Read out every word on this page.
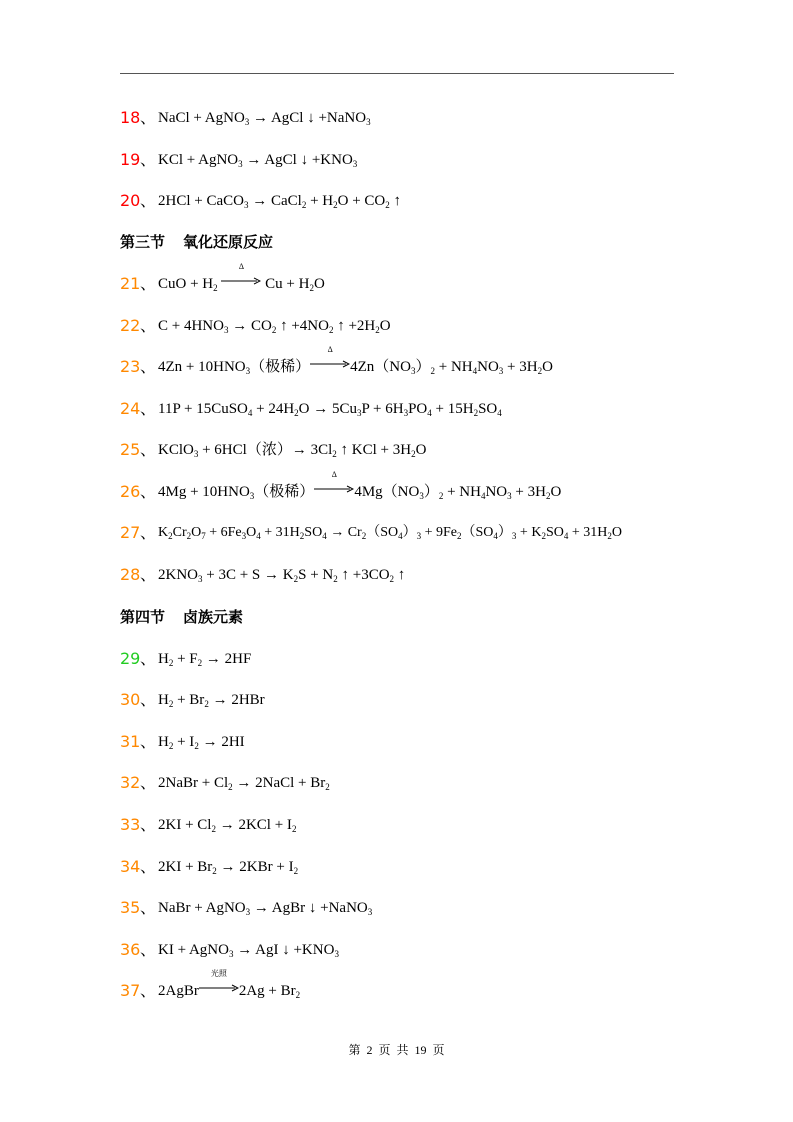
18 、 NaCl + AgNO$_3$ → AgCl ↓ +NaNO$_3$
19 、 KCl + AgNO$_3$ → AgCl ↓ $+KNO_3$
20 、 2HCl + CaCO$_3$ → CaCl$_2$ + $H_2O + CO_2$ ↑
第三节 氧化还原反应
21 、 CuO + $H_2$
Δ
$Cu + H_2O$
22 、 $C + 4HNO_3 \to CO_2$ ↑ $+4NO_2$ ↑ $+2H_2O$
23 、 $4Zn + 10HNO_3$（极稀）
Δ
$4Zn(NO_3)_2 + NH_4NO_3 + 3H_2O$
24 、 11P + 15CuSO$_4$ + $24H_2O \to 5Cu_3P + 6H_3PO_4 + 15H_2SO_4$
25 、 KClO$_3$ + 6HCl（浓）→ $3Cl_2$ ↑ KCl + $3H_2O$
26 、 $4Mg + 10HNO_3$（极稀）
Δ
$4Mg(NO_3)_2 + NH_4NO_3 + 3H_2O$
27 、 $K_2Cr_2O_7 + 6Fe_3O_4 + 31H_2SO_4 \to Cr_2(SO_4)_3 + 9Fe_2(SO_4)_3 + K_2SO_4 + 31H_2O$
28 、 $2KNO_3 + 3C + S \to K_2S + N_2$ ↑ $+3CO_2$ ↑
第四节 卤族元素
29 、 $H_2 + F_2 \to 2HF$
30 、 $H_2 + Br_2 \to 2HBr$
31 、 $H_2 + I_2 \to 2HI$
32 、 2NaBr + $Cl_2$ → 2NaCl + $Br_2$
33 、 $2KI + Cl_2 \to 2KCl + I_2$
34 、 $2KI + Br_2 \to 2KBr + I_2$
35 、 NaBr + AgNO$_3$ → AgBr ↓ +NaNO$_3$
36 、 KI + AgNO$_3$ → AgI ↓ $+KNO_3$
37 、 2AgBr
光照
$2Ag + Br_2$
第 2 页 共 19 页
